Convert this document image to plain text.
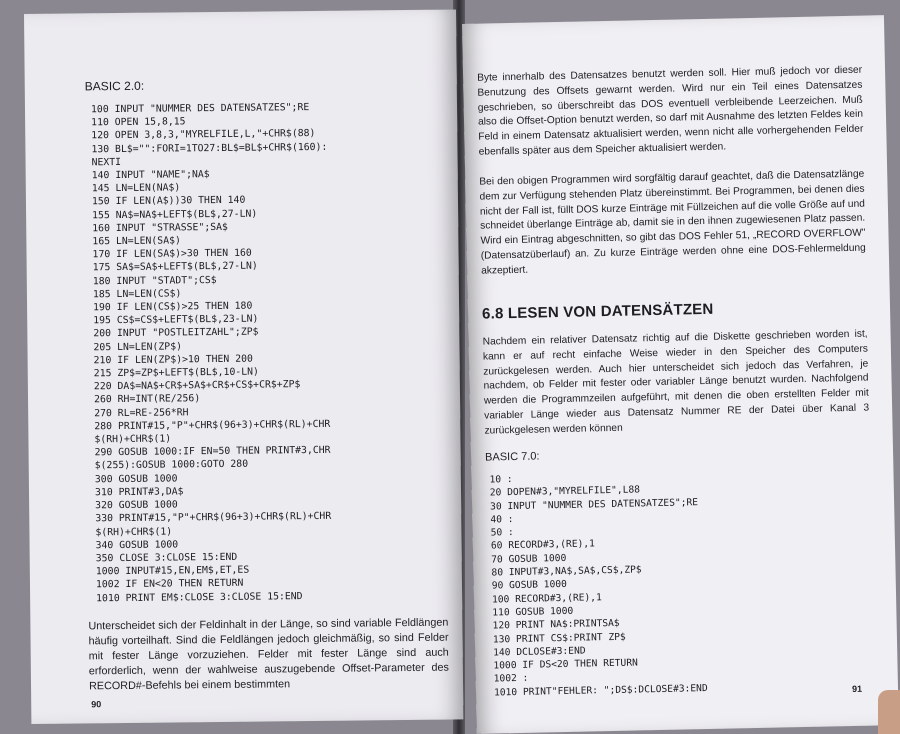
BASIC 2.0:

100 INPUT "NUMMER DES DATENSATZES";RE
110 OPEN 15,8,15
120 OPEN 3,8,3,"MYRELFILE,L,"+CHR$(88)
130 BL$="":FORI=1TO27:BL$=BL$+CHR$(160):
NEXTI
140 INPUT "NAME";NA$
145 LN=LEN(NA$)
150 IF LEN(A$))30 THEN 140
155 NA$=NA$+LEFT$(BL$,27-LN)
160 INPUT "STRASSE";SA$
165 LN=LEN(SA$)
170 IF LEN(SA$)>30 THEN 160
175 SA$=SA$+LEFT$(BL$,27-LN)
180 INPUT "STADT";CS$
185 LN=LEN(CS$)
190 IF LEN(CS$)>25 THEN 180
195 CS$=CS$+LEFT$(BL$,23-LN)
200 INPUT "POSTLEITZAHL";ZP$
205 LN=LEN(ZP$)
210 IF LEN(ZP$)>10 THEN 200
215 ZP$=ZP$+LEFT$(BL$,10-LN)
220 DA$=NA$+CR$+SA$+CR$+CS$+CR$+ZP$
260 RH=INT(RE/256)
270 RL=RE-256*RH
280 PRINT#15,"P"+CHR$(96+3)+CHR$(RL)+CHR
$(RH)+CHR$(1)
290 GOSUB 1000:IF EN=50 THEN PRINT#3,CHR
$(255):GOSUB 1000:GOTO 280
300 GOSUB 1000
310 PRINT#3,DA$
320 GOSUB 1000
330 PRINT#15,"P"+CHR$(96+3)+CHR$(RL)+CHR
$(RH)+CHR$(1)
340 GOSUB 1000
350 CLOSE 3:CLOSE 15:END
1000 INPUT#15,EN,EM$,ET,ES
1002 IF EN<20 THEN RETURN
1010 PRINT EM$:CLOSE 3:CLOSE 15:END

Unterscheidet sich der Feldinhalt in der Länge, so sind variable Feldlängen häufig vorteilhaft. Sind die Feldlängen jedoch gleichmäßig, so sind Felder mit fester Länge vorzuziehen. Felder mit fester Länge sind auch erforderlich, wenn der wahlweise auszugebende Offset-Parameter des RECORD#-Befehls bei einem bestimmten

90

Byte innerhalb des Datensatzes benutzt werden soll. Hier muß jedoch vor dieser Benutzung des Offsets gewarnt werden. Wird nur ein Teil eines Datensatzes geschrieben, so überschreibt das DOS eventuell verbleibende Leerzeichen. Muß also die Offset-Option benutzt werden, so darf mit Ausnahme des letzten Feldes kein Feld in einem Datensatz aktualisiert werden, wenn nicht alle vorhergehenden Felder ebenfalls später aus dem Speicher aktualisiert werden.

Bei den obigen Programmen wird sorgfältig darauf geachtet, daß die Datensatzlänge dem zur Verfügung stehenden Platz übereinstimmt. Bei Programmen, bei denen dies nicht der Fall ist, füllt DOS kurze Einträge mit Füllzeichen auf die volle Größe auf und schneidet überlange Einträge ab, damit sie in den ihnen zugewiesenen Platz passen. Wird ein Eintrag abgeschnitten, so gibt das DOS Fehler 51, „RECORD OVERFLOW" (Datensatzüberlauf) an. Zu kurze Einträge werden ohne eine DOS-Fehlermeldung akzeptiert.

6.8 LESEN VON DATENSÄTZEN

Nachdem ein relativer Datensatz richtig auf die Diskette geschrieben worden ist, kann er auf recht einfache Weise wieder in den Speicher des Computers zurückgelesen werden. Auch hier unterscheidet sich jedoch das Verfahren, je nachdem, ob Felder mit fester oder variabler Länge benutzt wurden. Nachfolgend werden die Programmzeilen aufgeführt, mit denen die oben erstellten Felder mit variabler Länge wieder aus Datensatz Nummer RE der Datei über Kanal 3 zurückgelesen werden können

BASIC 7.0:

10 :
20 DOPEN#3,"MYRELFILE",L88
30 INPUT "NUMMER DES DATENSATZES";RE
40 :
50 :
60 RECORD#3,(RE),1
70 GOSUB 1000
80 INPUT#3,NA$,SA$,CS$,ZP$
90 GOSUB 1000
100 RECORD#3,(RE),1
110 GOSUB 1000
120 PRINT NA$:PRINTSA$
130 PRINT CS$:PRINT ZP$
140 DCLOSE#3:END
1000 IF DS<20 THEN RETURN
1002 :
1010 PRINT"FEHLER: ";DS$:DCLOSE#3:END	91
